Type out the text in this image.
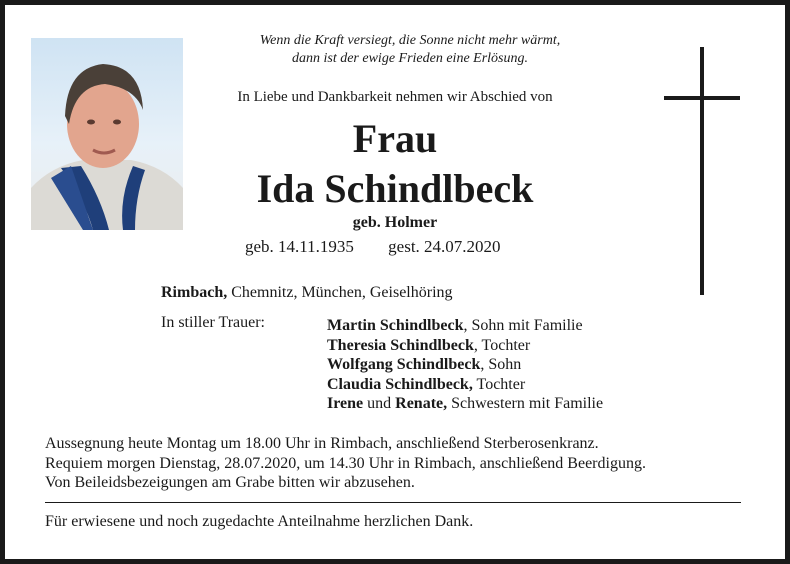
Wenn die Kraft versiegt, die Sonne nicht mehr wärmt,
dann ist der ewige Frieden eine Erlösung.
In Liebe und Dankbarkeit nehmen wir Abschied von
Frau
Ida Schindlbeck
geb. Holmer
geb. 14.11.1935 gest. 24.07.2020
Rimbach, Chemnitz, München, Geiselhöring
In stiller Trauer:	Martin Schindlbeck, Sohn mit Familie
Theresia Schindlbeck, Tochter
Wolfgang Schindlbeck, Sohn
Claudia Schindlbeck, Tochter
Irene und Renate, Schwestern mit Familie
Aussegnung heute Montag um 18.00 Uhr in Rimbach, anschließend Sterberosenkranz.
Requiem morgen Dienstag, 28.07.2020, um 14.30 Uhr in Rimbach, anschließend Beerdigung.
Von Beileidsbezeigungen am Grabe bitten wir abzusehen.
Für erwiesene und noch zugedachte Anteilnahme herzlichen Dank.
